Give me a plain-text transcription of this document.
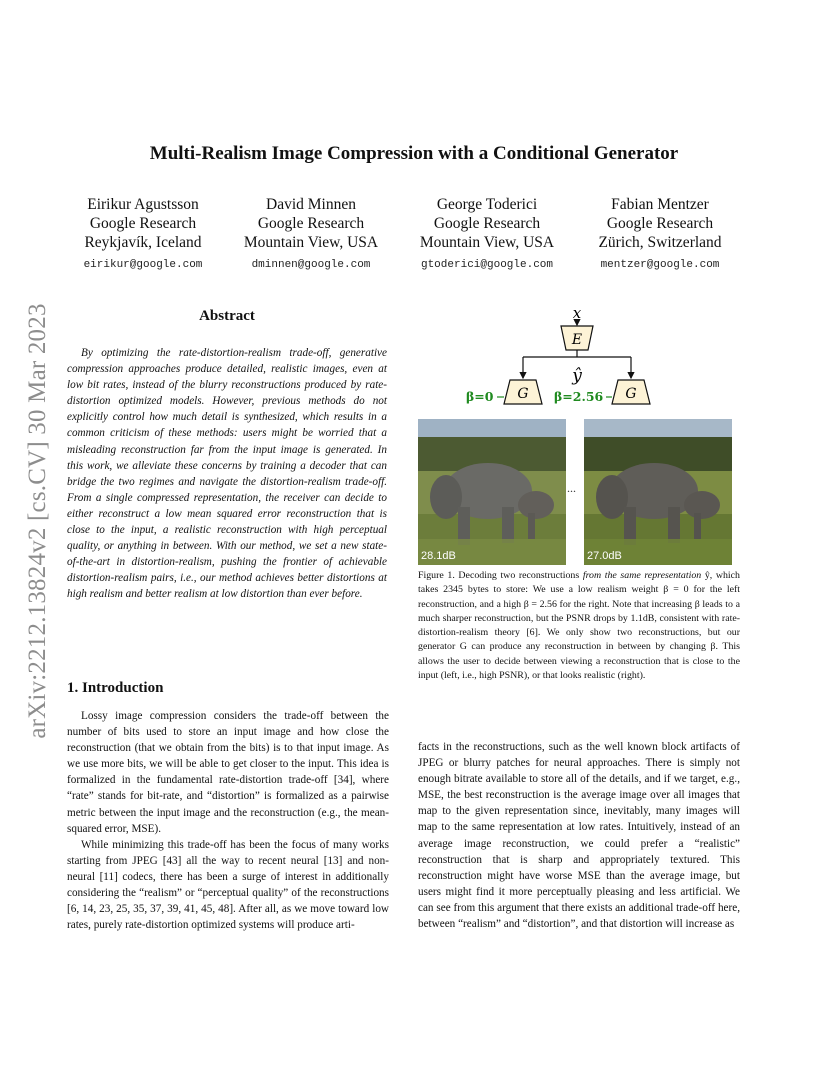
arXiv:2212.13824v2 [cs.CV] 30 Mar 2023
Multi-Realism Image Compression with a Conditional Generator
Eirikur Agustsson
Google Research
Reykjavík, Iceland
eirikur@google.com
David Minnen
Google Research
Mountain View, USA
dminnen@google.com
George Toderici
Google Research
Mountain View, USA
gtoderici@google.com
Fabian Mentzer
Google Research
Zürich, Switzerland
mentzer@google.com
Abstract

By optimizing the rate-distortion-realism trade-off, generative compression approaches produce detailed, realistic images, even at low bit rates, instead of the blurry reconstructions produced by rate-distortion optimized models. However, previous methods do not explicitly control how much detail is synthesized, which results in a common criticism of these methods: users might be worried that a misleading reconstruction far from the input image is generated. In this work, we alleviate these concerns by training a decoder that can bridge the two regimes and navigate the distortion-realism trade-off. From a single compressed representation, the receiver can decide to either reconstruct a low mean squared error reconstruction that is close to the input, a realistic reconstruction with high perceptual quality, or anything in between. With our method, we set a new state-of-the-art in distortion-realism, pushing the frontier of achievable distortion-realism pairs, i.e., our method achieves better distortions at high realism and better realism at low distortion than ever before.

x
E
ŷ
G	G
β=0	β=2.56
28.1dB
...
27.0dB

Figure 1. Decoding two reconstructions from the same representation ŷ, which takes 2345 bytes to store: We use a low realism weight β = 0 for the left reconstruction, and a high β = 2.56 for the right. Note that increasing β leads to a much sharper reconstruction, but the PSNR drops by 1.1dB, consistent with rate-distortion-realism theory [6]. We only show two reconstructions, but our generator G can produce any reconstruction in between by changing β. This allows the user to decide between viewing a reconstruction that is close to the input (left, i.e., high PSNR), or that looks realistic (right).

1. Introduction

Lossy image compression considers the trade-off between the number of bits used to store an input image and how close the reconstruction (that we obtain from the bits) is to that input image. As we use more bits, we will be able to get closer to the input. This idea is formalized in the fundamental rate-distortion trade-off [34], where “rate” stands for bit-rate, and “distortion” is formalized as a pairwise metric between the input image and the reconstruction (e.g., the mean-squared error, MSE).

While minimizing this trade-off has been the focus of many works starting from JPEG [43] all the way to recent neural [13] and non-neural [11] codecs, there has been a surge of interest in additionally considering the “realism” or “perceptual quality” of the reconstructions [6, 14, 23, 25, 35, 37, 39, 41, 45, 48]. After all, as we move toward low rates, purely rate-distortion optimized systems will produce arti-

facts in the reconstructions, such as the well known block artifacts of JPEG or blurry patches for neural approaches. There is simply not enough bitrate available to store all of the details, and if we target, e.g., MSE, the best reconstruction is the average image over all images that map to the given representation since, inevitably, many images will map to the same representation at low rates. Intuitively, instead of an average image reconstruction, we could prefer a “realistic” reconstruction that is sharp and appropriately textured. This reconstruction might have worse MSE than the average image, but users might find it more perceptually pleasing and less artificial. We can see from this argument that there exists an additional trade-off here, between “realism” and “distortion”, and that distortion will increase as
